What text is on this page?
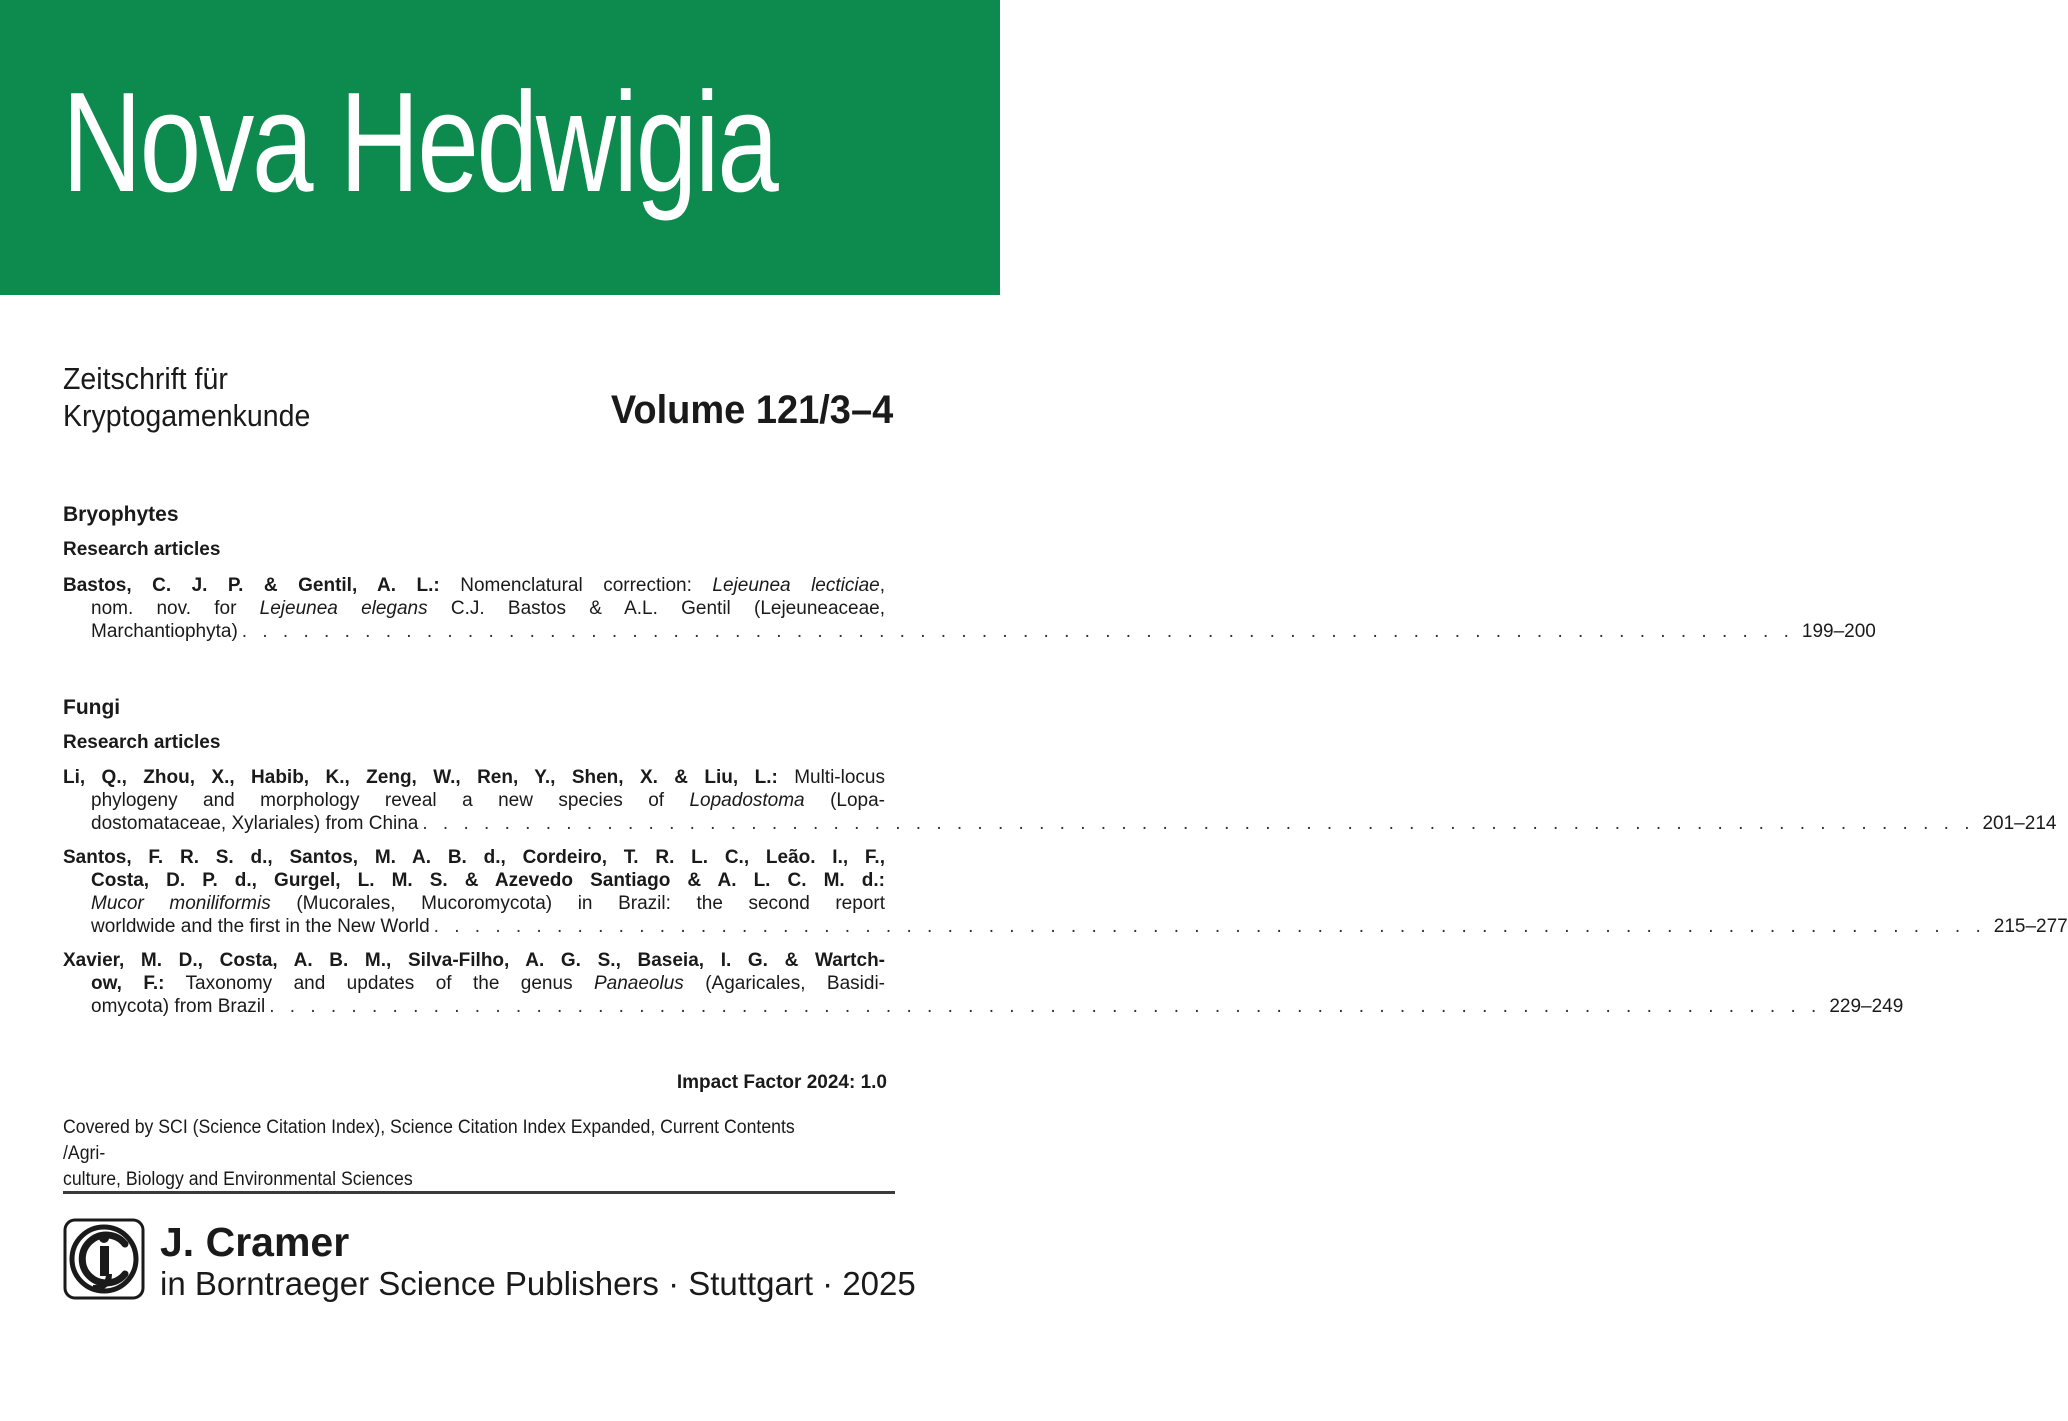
Nova Hedwigia
Zeitschrift für
Kryptogamenkunde	Volume 121/3–4
Bryophytes
Research articles
Bastos, C. J. P. & Gentil, A. L.: Nomenclatural correction: Lejeunea lecticiae,
nom. nov. for Lejeunea elegans C.J. Bastos & A.L. Gentil (Lejeuneaceae,
Marchantiophyta) . . . . . . . . . . . . . . . . . . . . . . . . . . . . . . . . . . . . . . . . . . . . . . . . . . . . . . . . . . . . . . . . . . . . . . . . . . . . 199–200
Fungi
Research articles
Li, Q., Zhou, X., Habib, K., Zeng, W., Ren, Y., Shen, X. & Liu, L.: Multi-locus
phylogeny and morphology reveal a new species of Lopadostoma (Lopa-
dostomataceae, Xylariales) from China . . . . . . . . . . . . . . . . . . . . . . . . . . . . . . . . . . . . . . . . . . . . . . . . . . . . . . . . . . . . . . . . . . . . . . . . . . . . 201–214
Santos, F. R. S. d., Santos, M. A. B. d., Cordeiro, T. R. L. C., Leão. I., F.,
Costa, D. P. d., Gurgel, L. M. S. & Azevedo Santiago & A. L. C. M. d.:
Mucor moniliformis (Mucorales, Mucoromycota) in Brazil: the second report
worldwide and the first in the New World . . . . . . . . . . . . . . . . . . . . . . . . . . . . . . . . . . . . . . . . . . . . . . . . . . . . . . . . . . . . . . . . . . . . . . . . . . . . 215–277
Xavier, M. D., Costa, A. B. M., Silva-Filho, A. G. S., Baseia, I. G. & Wartch-
ow, F.: Taxonomy and updates of the genus Panaeolus (Agaricales, Basidi-
omycota) from Brazil . . . . . . . . . . . . . . . . . . . . . . . . . . . . . . . . . . . . . . . . . . . . . . . . . . . . . . . . . . . . . . . . . . . . . . . . . . . . 229–249
Impact Factor 2024: 1.0
Covered by SCI (Science Citation Index), Science Citation Index Expanded, Current Contents /Agri-
culture, Biology and Environmental Sciences
J. Cramer
in Borntraeger Science Publishers · Stuttgart · 2025
